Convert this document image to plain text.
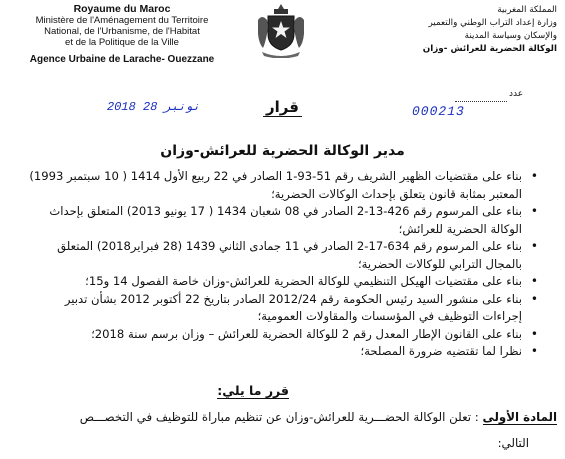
Royaume du Maroc
Ministère de l'Aménagement du Territoire
National, de l'Urbanisme, de l'Habitat
et de la Politique de la Ville
Agence Urbaine de Larache- Ouezzane
المملكة المغربية
وزارة إعداد التراب الوطني والتعمير
والإسكان وسياسة المدينة
الوكالة الحضرية للعرائش -وزان
عدد
000213
2018 نونبر 28	قرار
مدير الوكالة الحضرية للعرائش-وزان
• بناء على مقتضيات الظهير الشريف رقم 51-93-1 الصادر في 22 ربيع الأول 1414 ( 10 سبتمبر 1993) المعتبر بمثابة قانون يتعلق بإحداث الوكالات الحضرية؛
• بناء على المرسوم رقم 426-13-2 الصادر في 08 شعبان 1434 ( 17 يونيو 2013) المتعلق بإحداث الوكالة الحضرية للعرائش؛
• بناء على المرسوم رقم 634-17-2 الصادر في 11 جمادى الثاني 1439 (28 فبراير2018) المتعلق بالمجال الترابي للوكالات الحضرية؛
• بناء على مقتضيات الهيكل التنظيمي للوكالة الحضرية للعرائش-وزان خاصة الفصول 14 و15؛
• بناء على منشور السيد رئيس الحكومة رقم 2012/24 الصادر بتاريخ 22 أكتوبر 2012 بشأن تدبير إجراءات التوظيف في المؤسسات والمقاولات العمومية؛
• بناء على القانون الإطار المعدل رقم 2 للوكالة الحضرية للعرائش – وزان برسم سنة 2018؛
• نظرا لما تقتضيه ضرورة المصلحة؛
قرر ما يلي:
المادة الأولى : تعلن الوكالة الحضـــرية للعرائش-وزان عن تنظيم مباراة للتوظيف في التخصـــص
التالي:
